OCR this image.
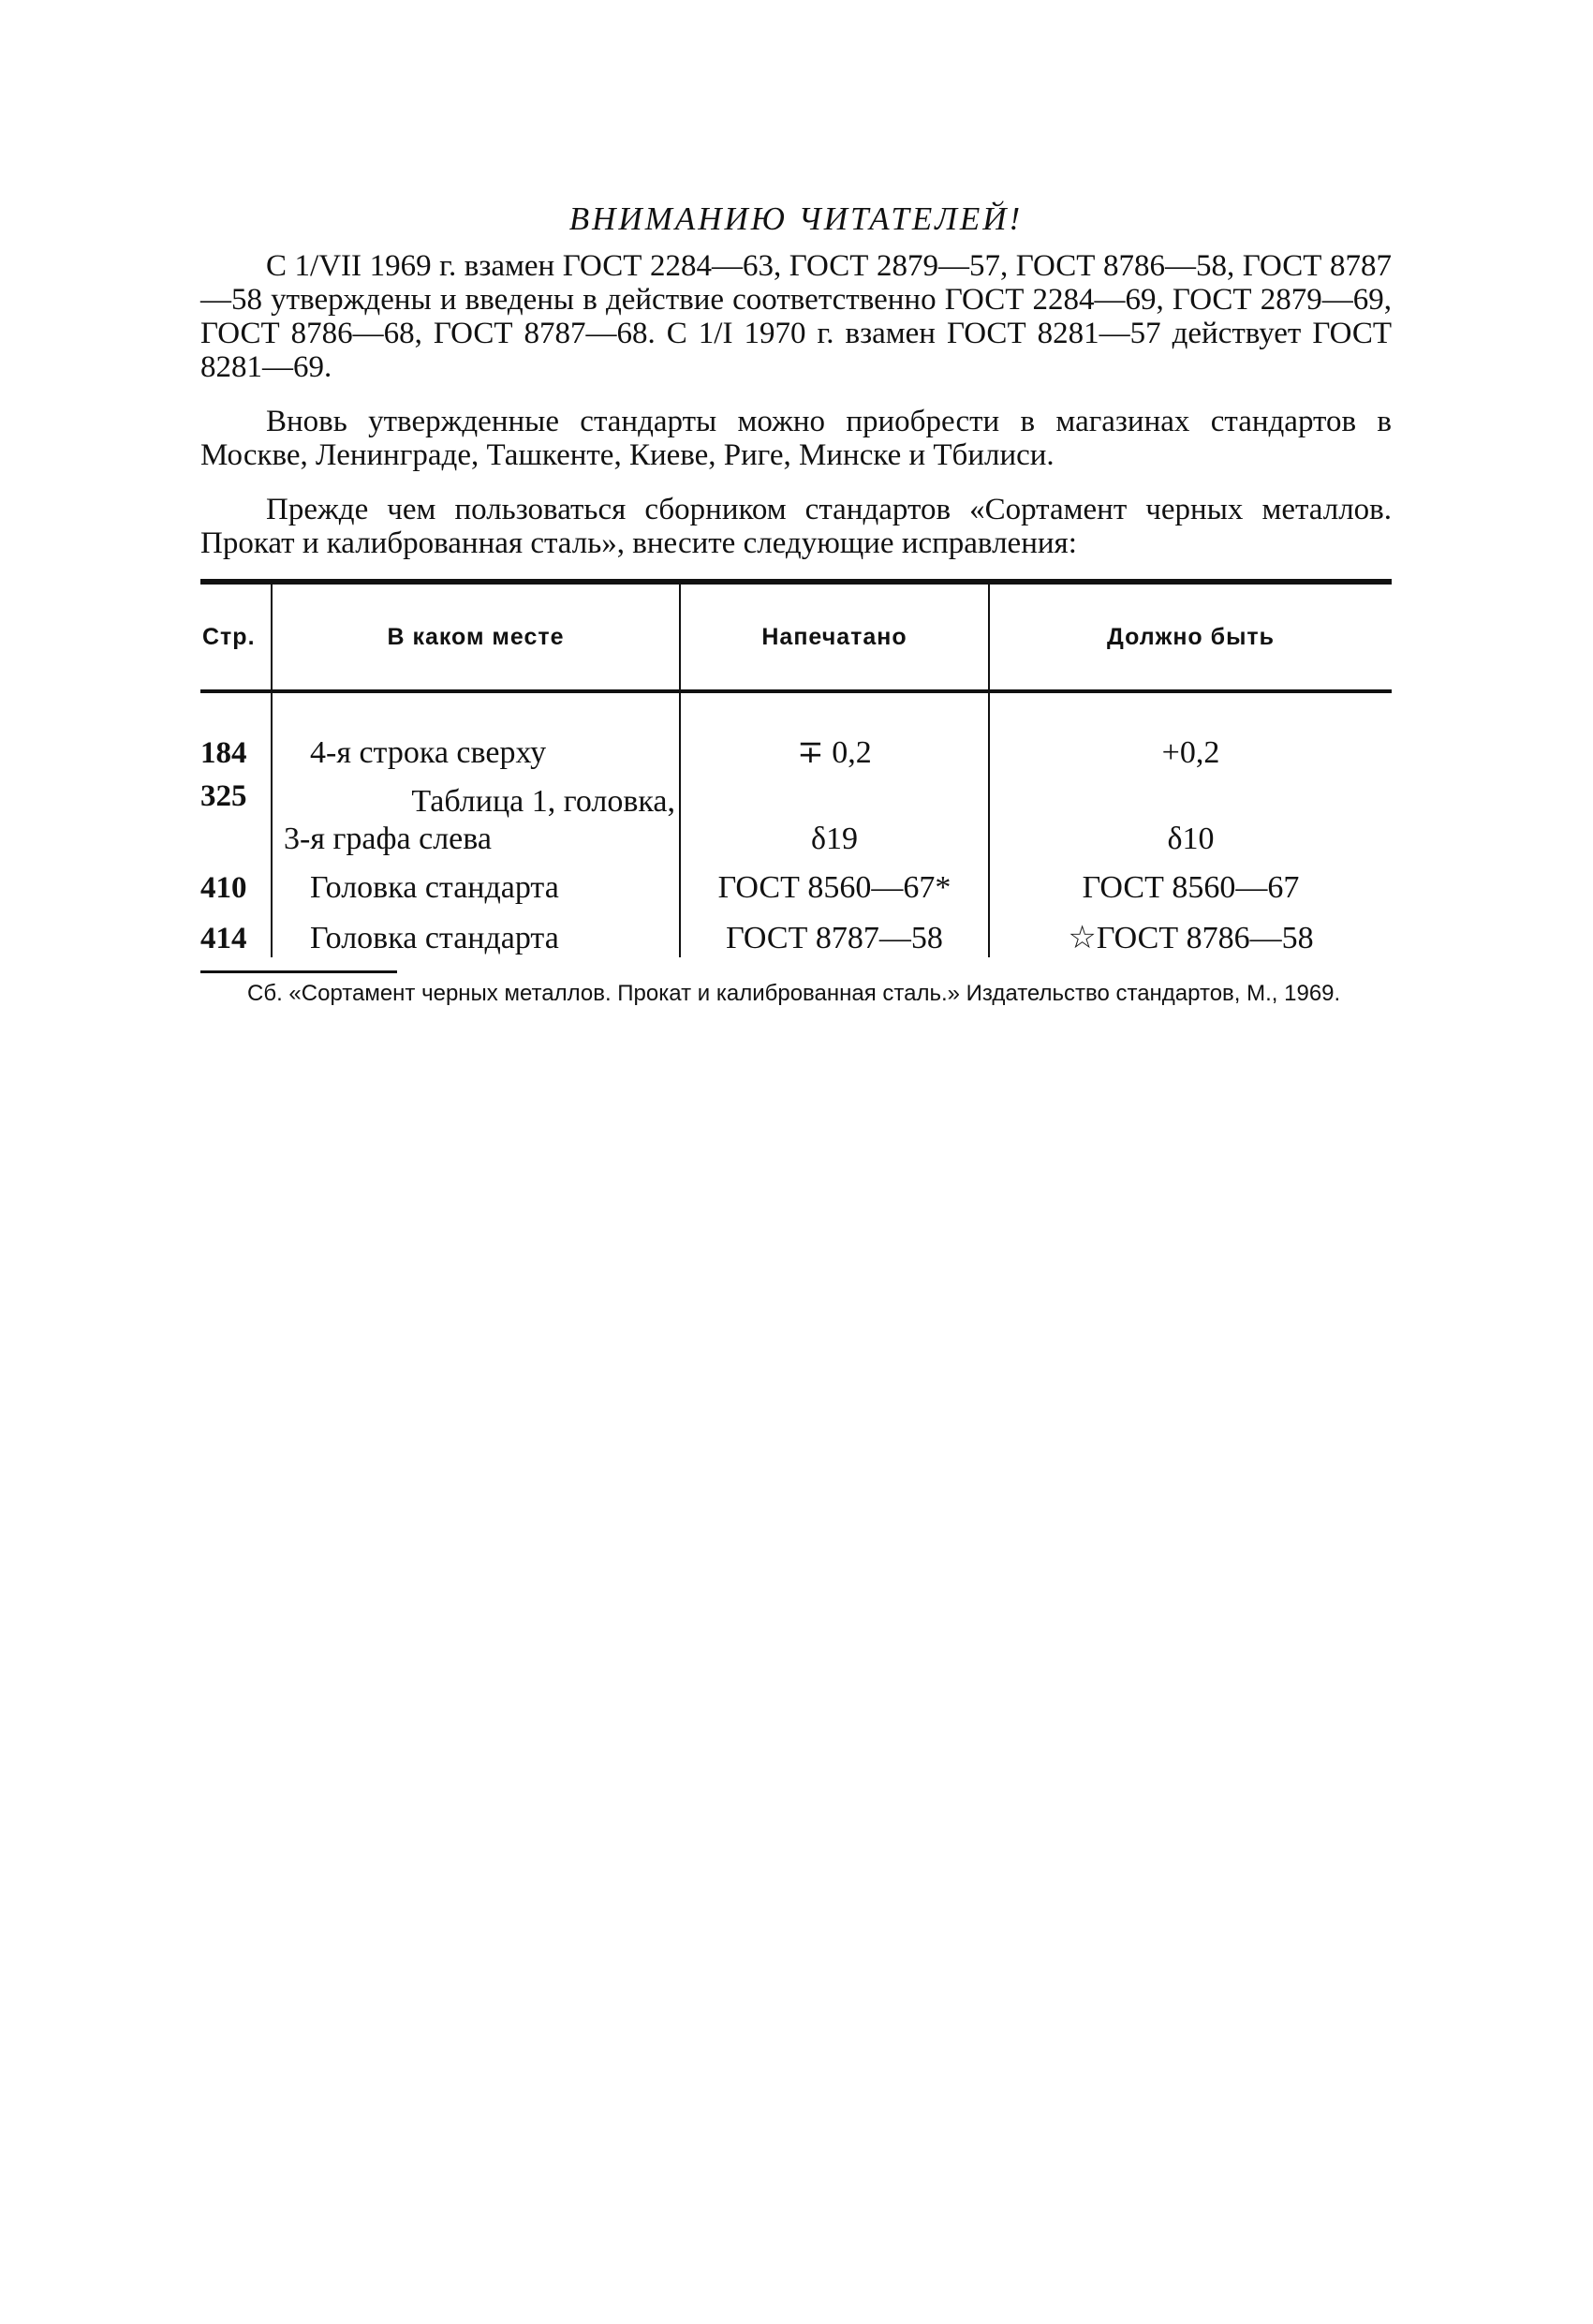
ВНИМАНИЮ ЧИТАТЕЛЕЙ!

С 1/VII 1969 г. взамен ГОСТ 2284—63, ГОСТ 2879—57, ГОСТ 8786—58, ГОСТ 8787—58 утверждены и введены в действие соответственно ГОСТ 2284—69, ГОСТ 2879—69, ГОСТ 8786—68, ГОСТ 8787—68. С 1/I 1970 г. взамен ГОСТ 8281—57 действует ГОСТ 8281—69.

Вновь утвержденные стандарты можно приобрести в магазинах стандартов в Москве, Ленинграде, Ташкенте, Киеве, Риге, Минске и Тбилиси.

Прежде чем пользоваться сборником стандартов «Сортамент черных металлов. Прокат и калиброванная сталь», внесите следующие исправления:

Стр.	В каком месте	Напечатано	Должно быть
184	4-я строка сверху	∓ 0,2	+0,2
325	Таблица 1, головка,
3-я графа слева	δ19	δ10
410	Головка стандарта	ГОСТ 8560—67*	ГОСТ 8560—67
414	Головка стандарта	ГОСТ 8787—58	☆ГОСТ 8786—58
Сб. «Сортамент черных металлов. Прокат и калиброванная сталь.» Издательство стандартов, М., 1969.
